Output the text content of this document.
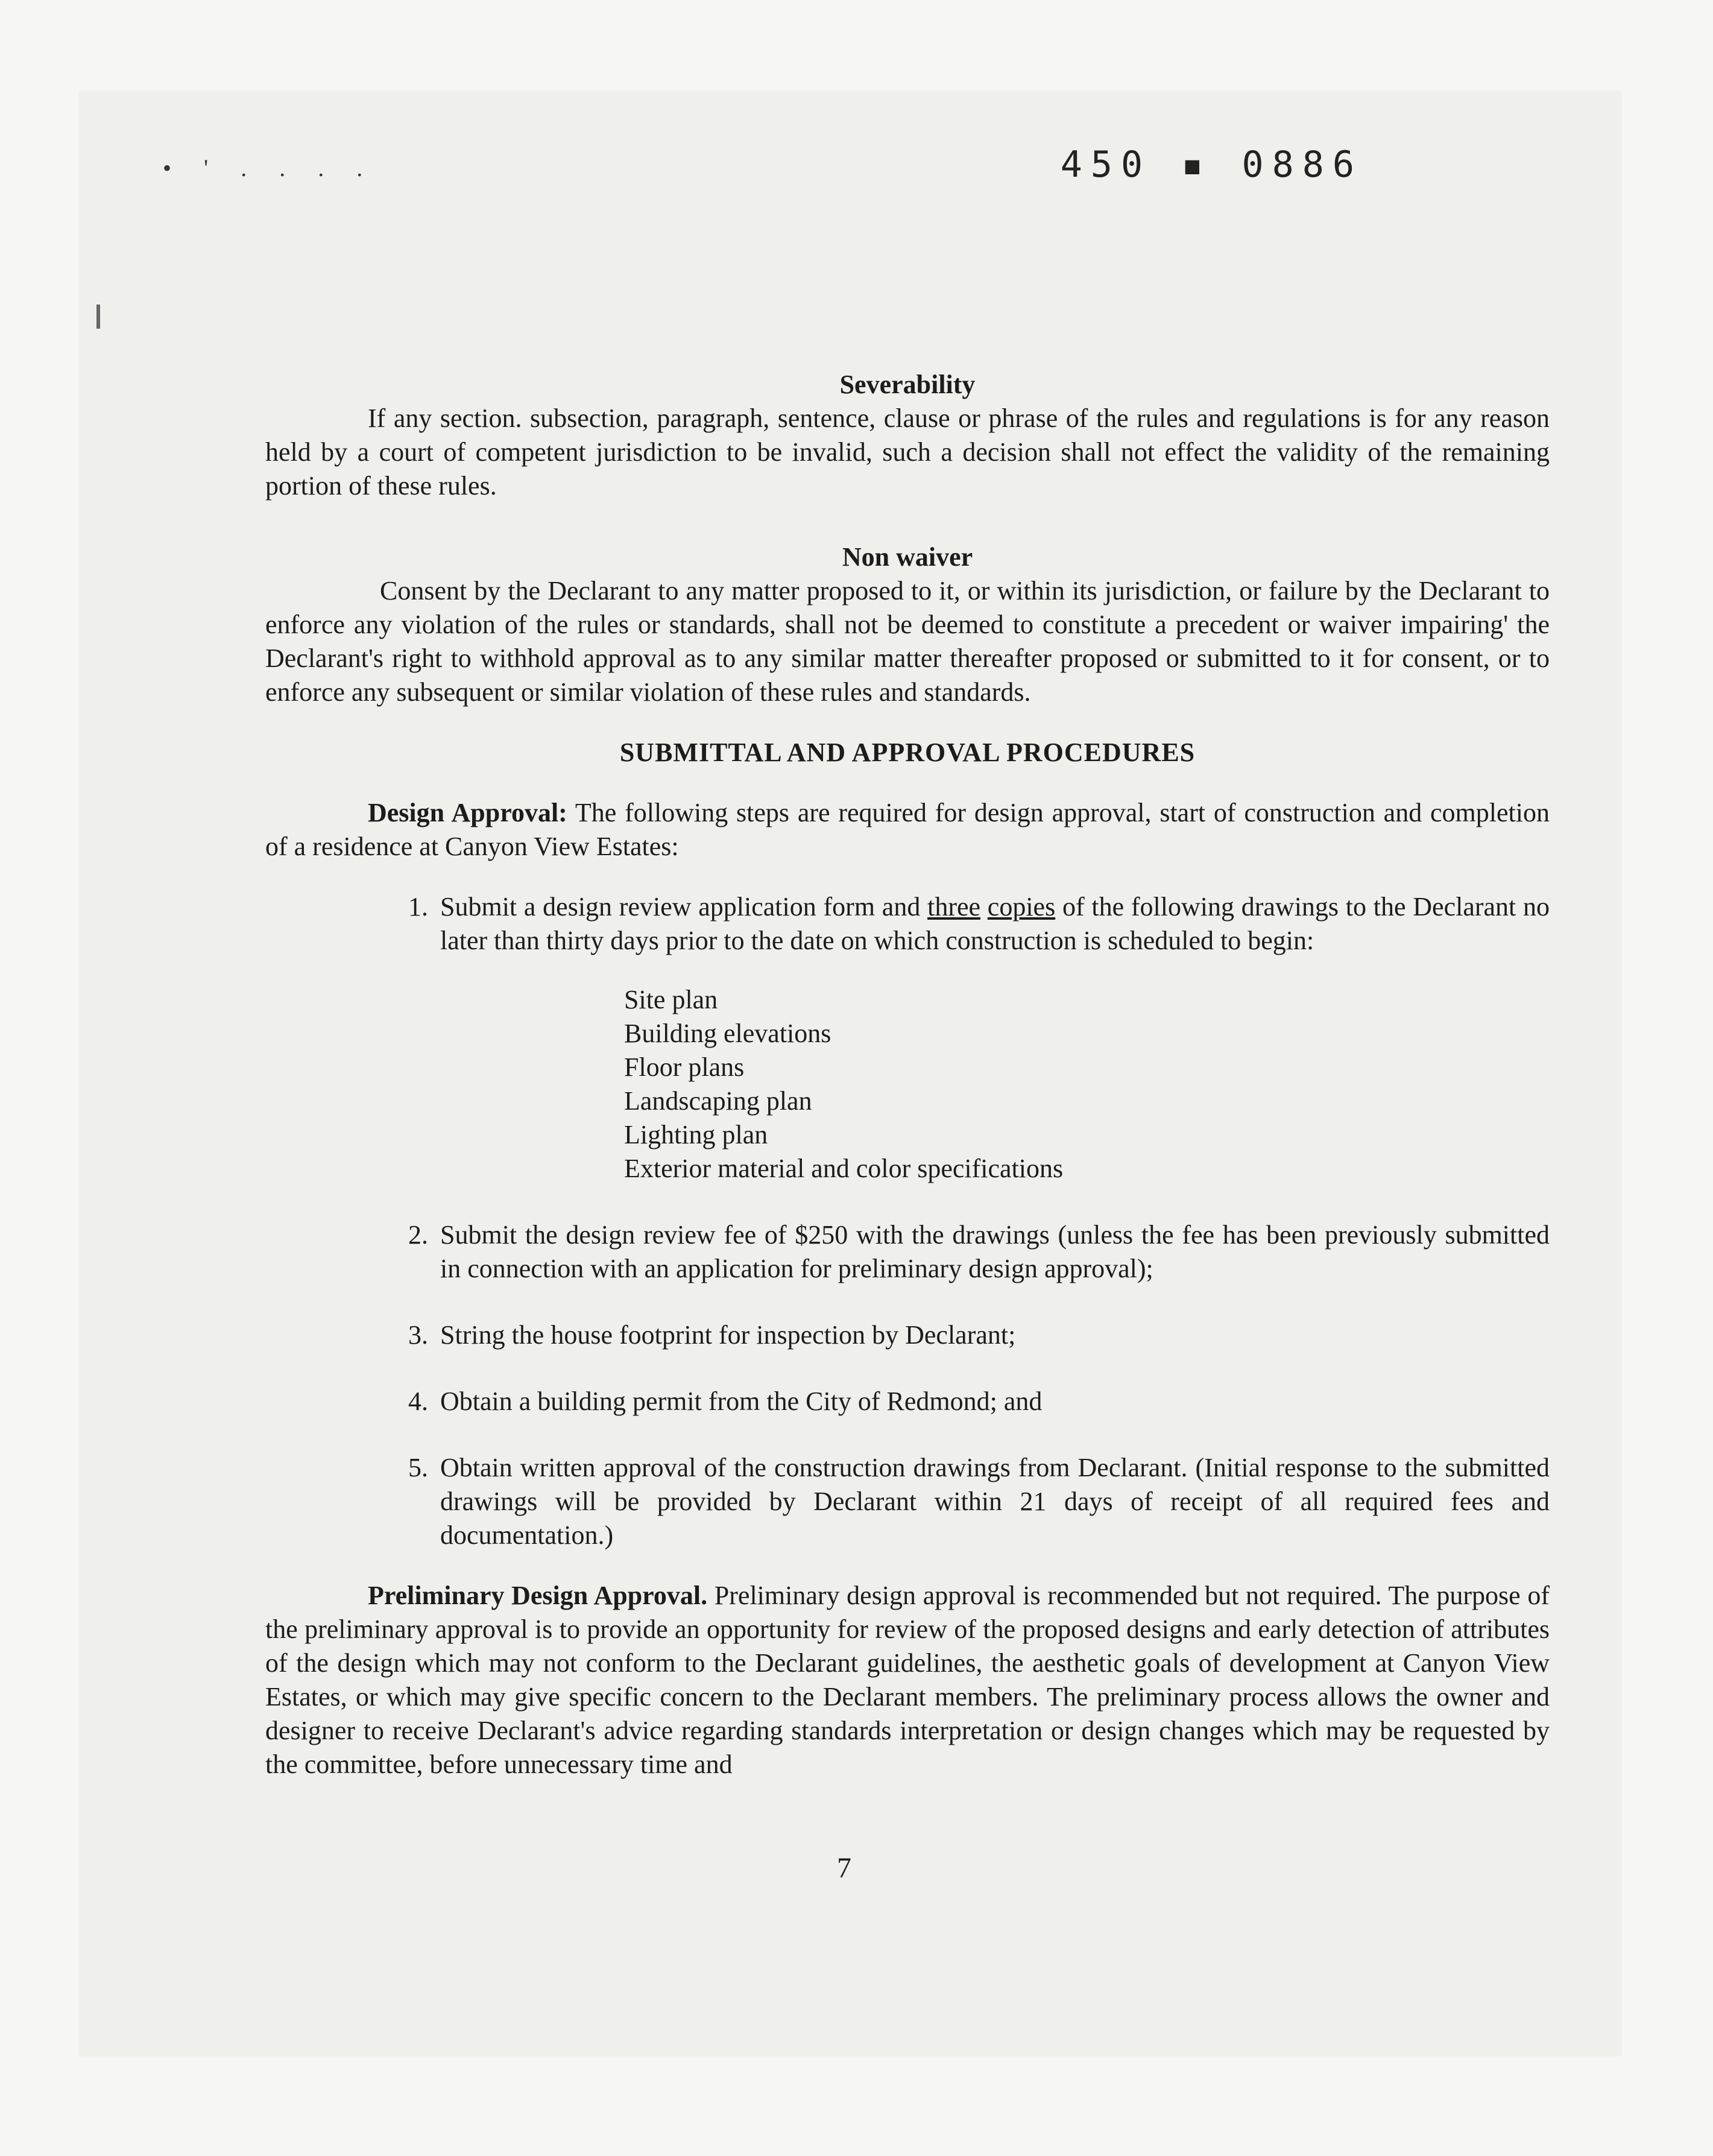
• ' . . . .	450 ▪ 0886

Severability

If any section. subsection, paragraph, sentence, clause or phrase of the rules and regulations is for any reason held by a court of competent jurisdiction to be invalid, such a decision shall not effect the validity of the remaining portion of these rules.

Non waiver

Consent by the Declarant to any matter proposed to it, or within its jurisdiction, or failure by the Declarant to enforce any violation of the rules or standards, shall not be deemed to constitute a precedent or waiver impairing' the Declarant's right to withhold approval as to any similar matter thereafter proposed or submitted to it for consent, or to enforce any subsequent or similar violation of these rules and standards.

SUBMITTAL AND APPROVAL PROCEDURES

Design Approval: The following steps are required for design approval, start of construction and completion of a residence at Canyon View Estates:

1. Submit a design review application form and three copies of the following drawings to the Declarant no later than thirty days prior to the date on which construction is scheduled to begin:
Site plan
Building elevations
Floor plans
Landscaping plan
Lighting plan
Exterior material and color specifications
2. Submit the design review fee of $250 with the drawings (unless the fee has been previously submitted in connection with an application for preliminary design approval);
3. String the house footprint for inspection by Declarant;
4. Obtain a building permit from the City of Redmond; and
5. Obtain written approval of the construction drawings from Declarant. (Initial response to the submitted drawings will be provided by Declarant within 21 days of receipt of all required fees and documentation.)

Preliminary Design Approval. Preliminary design approval is recommended but not required. The purpose of the preliminary approval is to provide an opportunity for review of the proposed designs and early detection of attributes of the design which may not conform to the Declarant guidelines, the aesthetic goals of development at Canyon View Estates, or which may give specific concern to the Declarant members. The preliminary process allows the owner and designer to receive Declarant's advice regarding standards interpretation or design changes which may be requested by the committee, before unnecessary time and

7
